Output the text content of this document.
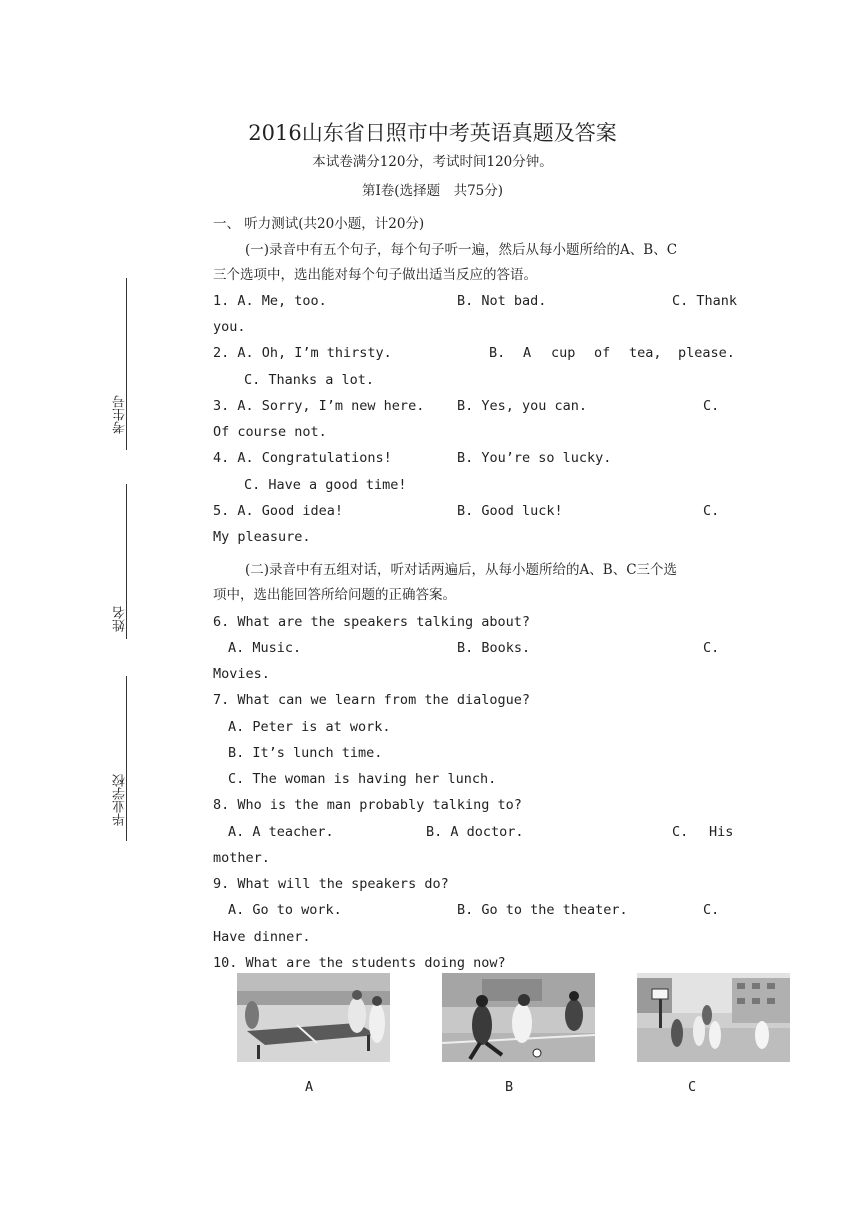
2016山东省日照市中考英语真题及答案
本试卷满分120分，考试时间120分钟。
第Ⅰ卷(选择题　共75分)
考生号
姓名
毕业学校
一、 听力测试(共20小题，计20分)
(一)录音中有五个句子，每个句子听一遍，然后从每小题所给的A、B、C
三个选项中，选出能对每个句子做出适当反应的答语。
1. A. Me, too.	B. Not bad.	C. Thank
you.
2. A. Oh, I’m thirsty.	B. A cup of tea, please.
C. Thanks a lot.
3. A. Sorry, I’m new here. B. Yes, you can.	C.
Of course not.
4. A. Congratulations!	B. You’re so lucky.
C. Have a good time!
5. A. Good idea!	B. Good luck!	C.
My pleasure.
(二)录音中有五组对话，听对话两遍后，从每小题所给的A、B、C三个选
项中，选出能回答所给问题的正确答案。
6. What are the speakers talking about?
A. Music.	B. Books.	C.
Movies.
7. What can we learn from the dialogue?
A. Peter is at work.
B. It’s lunch time.
C. The woman is having her lunch.
8. Who is the man probably talking to?
A. A teacher.	B. A doctor.	C. His
mother.
9. What will the speakers do?
A. Go to work.	B. Go to the theater.	C.
Have dinner.
10. What are the students doing now?
A	B	C
